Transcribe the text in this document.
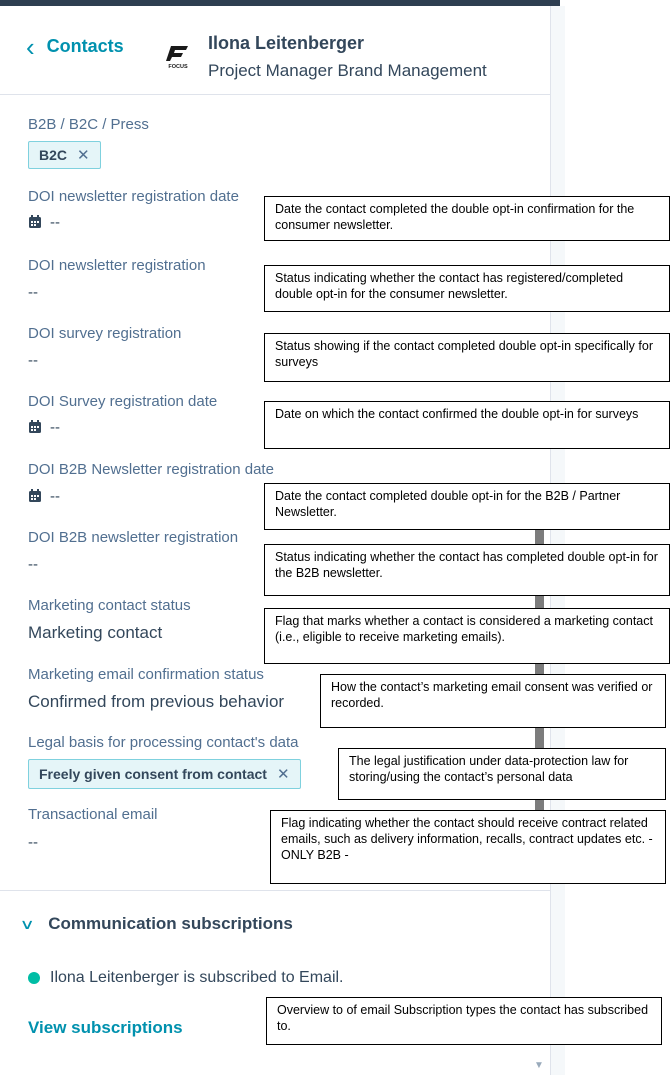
‹ Contacts
FOCUS
Ilona Leitenberger
Project Manager Brand Management
B2B / B2C / Press
B2C ✕
DOI newsletter registration date
--
DOI newsletter registration
--
DOI survey registration
--
DOI Survey registration date
--
DOI B2B Newsletter registration date
--
DOI B2B newsletter registration
--
Marketing contact status
Marketing contact
Marketing email confirmation status
Confirmed from previous behavior
Legal basis for processing contact's data
Freely given consent from contact ✕
Transactional email
--
∨ Communication subscriptions
Ilona Leitenberger is subscribed to Email.
View subscriptions
▼
Date the contact completed the double opt-in confirmation for the consumer newsletter.
Status indicating whether the contact has registered/completed double opt-in for the consumer newsletter.
Status showing if the contact completed double opt-in specifically for surveys
Date on which the contact confirmed the double opt-in for surveys
Date the contact completed double opt-in for the B2B / Partner Newsletter.
Status indicating whether the contact has completed double opt-in for the B2B newsletter.
Flag that marks whether a contact is considered a marketing contact (i.e., eligible to receive marketing emails).
How the contact’s marketing email consent was verified or recorded.
The legal justification under data-protection law for storing/using the contact’s personal data
Flag indicating whether the contact should receive contract related emails, such as delivery information, recalls, contract updates etc. - ONLY B2B -
Overview to of email Subscription types the contact has subscribed to.
